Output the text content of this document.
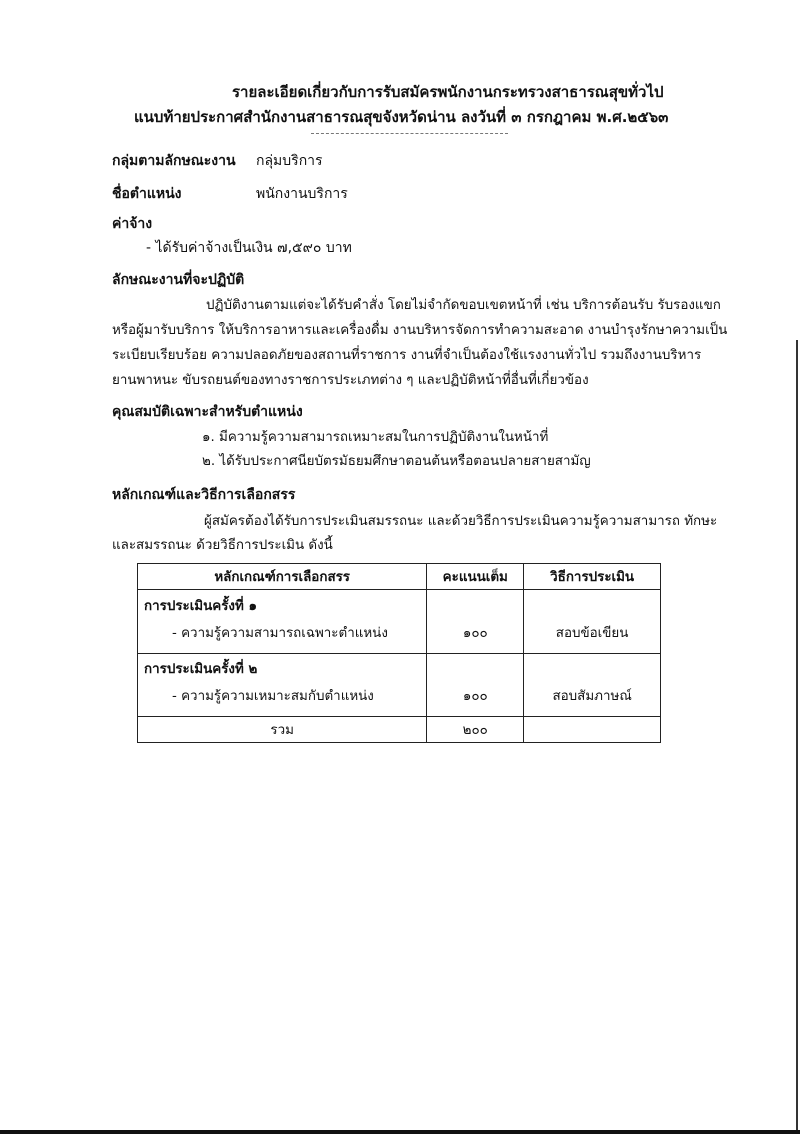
รายละเอียดเกี่ยวกับการรับสมัครพนักงานกระทรวงสาธารณสุขทั่วไป
แนบท้ายประกาศสำนักงานสาธารณสุขจังหวัดน่าน ลงวันที่ ๓ กรกฎาคม พ.ศ.๒๕๖๓
กลุ่มตามลักษณะงาน กลุ่มบริการ
ชื่อตำแหน่ง	พนักงานบริการ
ค่าจ้าง
- ได้รับค่าจ้างเป็นเงิน ๗,๕๙๐ บาท
ลักษณะงานที่จะปฏิบัติ
ปฏิบัติงานตามแต่จะได้รับคำสั่ง โดยไม่จำกัดขอบเขตหน้าที่ เช่น บริการต้อนรับ รับรองแขก
หรือผู้มารับบริการ ให้บริการอาหารและเครื่องดื่ม งานบริหารจัดการทำความสะอาด งานบำรุงรักษาความเป็น
ระเบียบเรียบร้อย ความปลอดภัยของสถานที่ราชการ งานที่จำเป็นต้องใช้แรงงานทั่วไป รวมถึงงานบริหาร
ยานพาหนะ ขับรถยนต์ของทางราชการประเภทต่าง ๆ และปฏิบัติหน้าที่อื่นที่เกี่ยวข้อง
คุณสมบัติเฉพาะสำหรับตำแหน่ง
๑. มีความรู้ความสามารถเหมาะสมในการปฏิบัติงานในหน้าที่
๒. ได้รับประกาศนียบัตรมัธยมศึกษาตอนต้นหรือตอนปลายสายสามัญ
หลักเกณฑ์และวิธีการเลือกสรร
ผู้สมัครต้องได้รับการประเมินสมรรถนะ และด้วยวิธีการประเมินความรู้ความสามารถ ทักษะ
และสมรรถนะ ด้วยวิธีการประเมิน ดังนี้
หลักเกณฑ์การเลือกสรร	คะแนนเต็ม	วิธีการประเมิน

การประเมินครั้งที่ ๑
- ความรู้ความสามารถเฉพาะตำแหน่ง	๑๐๐	สอบข้อเขียน

การประเมินครั้งที่ ๒
- ความรู้ความเหมาะสมกับตำแหน่ง	๑๐๐	สอบสัมภาษณ์
รวม	๒๐๐	
